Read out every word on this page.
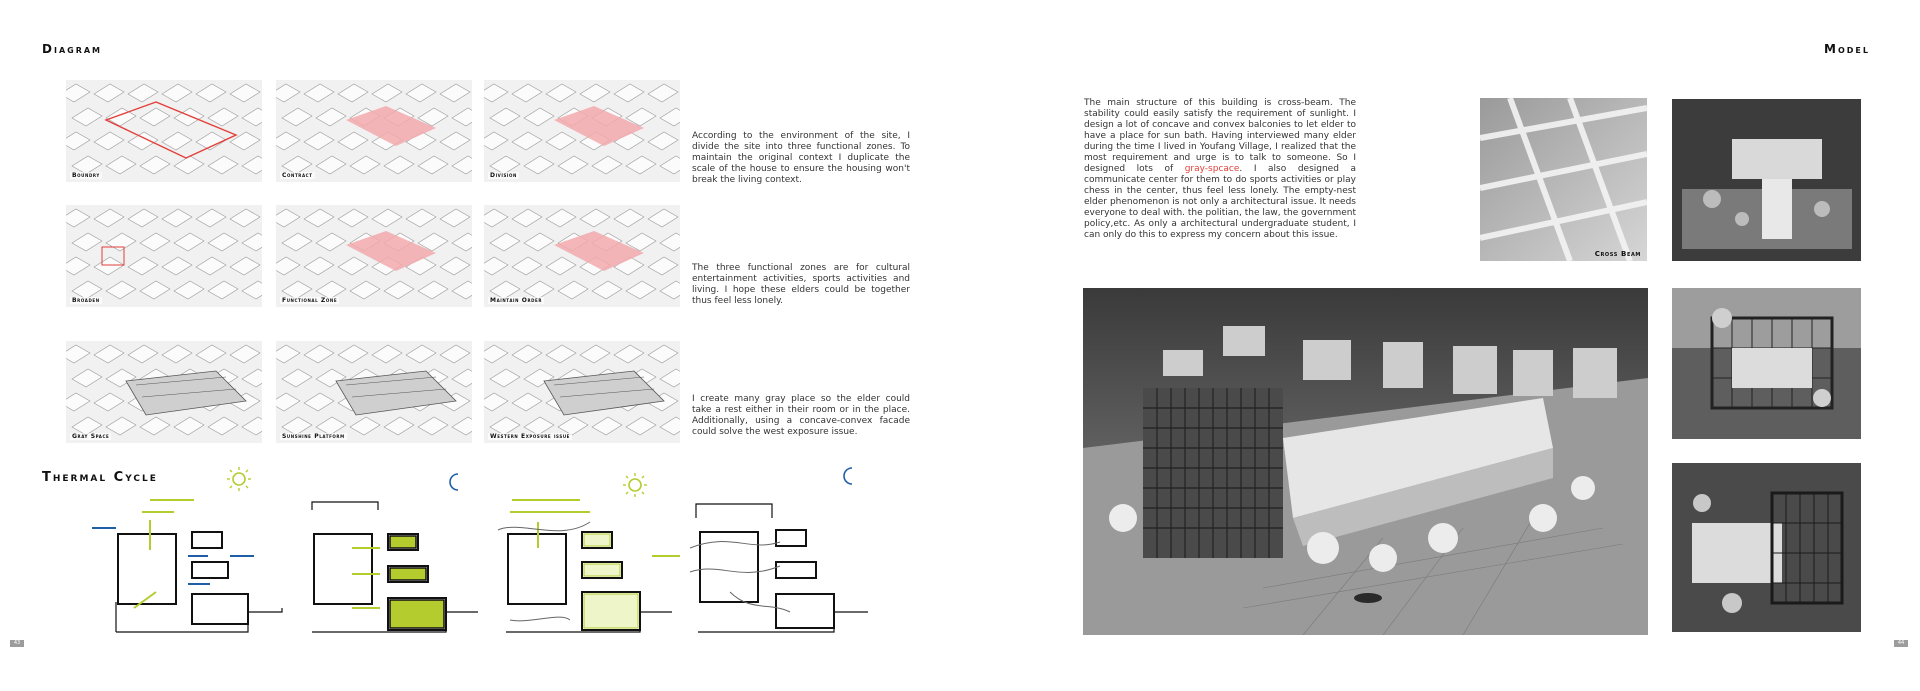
Diagram
Boundry	Contract	Division
Broaden	Functional Zone	Maintain Order
Gray Space	Sunshine Platform	Western Exposure issue
According to the environment of the site, I divide the site into three functional zones. To maintain the original context I duplicate the scale of the house to ensure the housing won't break the living context.
The three functional zones are for cultural entertainment activities, sports activities and living. I hope these elders could be together thus feel less lonely.
I create many gray place so the elder could take a rest either in their room or in the place. Additionally, using a concave-convex facade could solve the west exposure issue.
Thermal Cycle
43
Model
The main structure of this building is cross-beam. The stability could easily satisfy the requirement of sunlight. I design a lot of concave and convex balconies to let elder to have a place for sun bath. Having interviewed many elder during the time I lived in Youfang Village, I realized that the most requirement and urge is to talk to someone. So I designed lots of gray-spcace. I also designed a communicate center for them to do sports activities or play chess in the center, thus feel less lonely. The empty-nest elder phenomenon is not only a architectural issue. It needs everyone to deal with. the politian, the law, the government policy,etc. As only a architectural undergraduate student, I can only do this to express my concern about this issue.
Cross Beam
44
